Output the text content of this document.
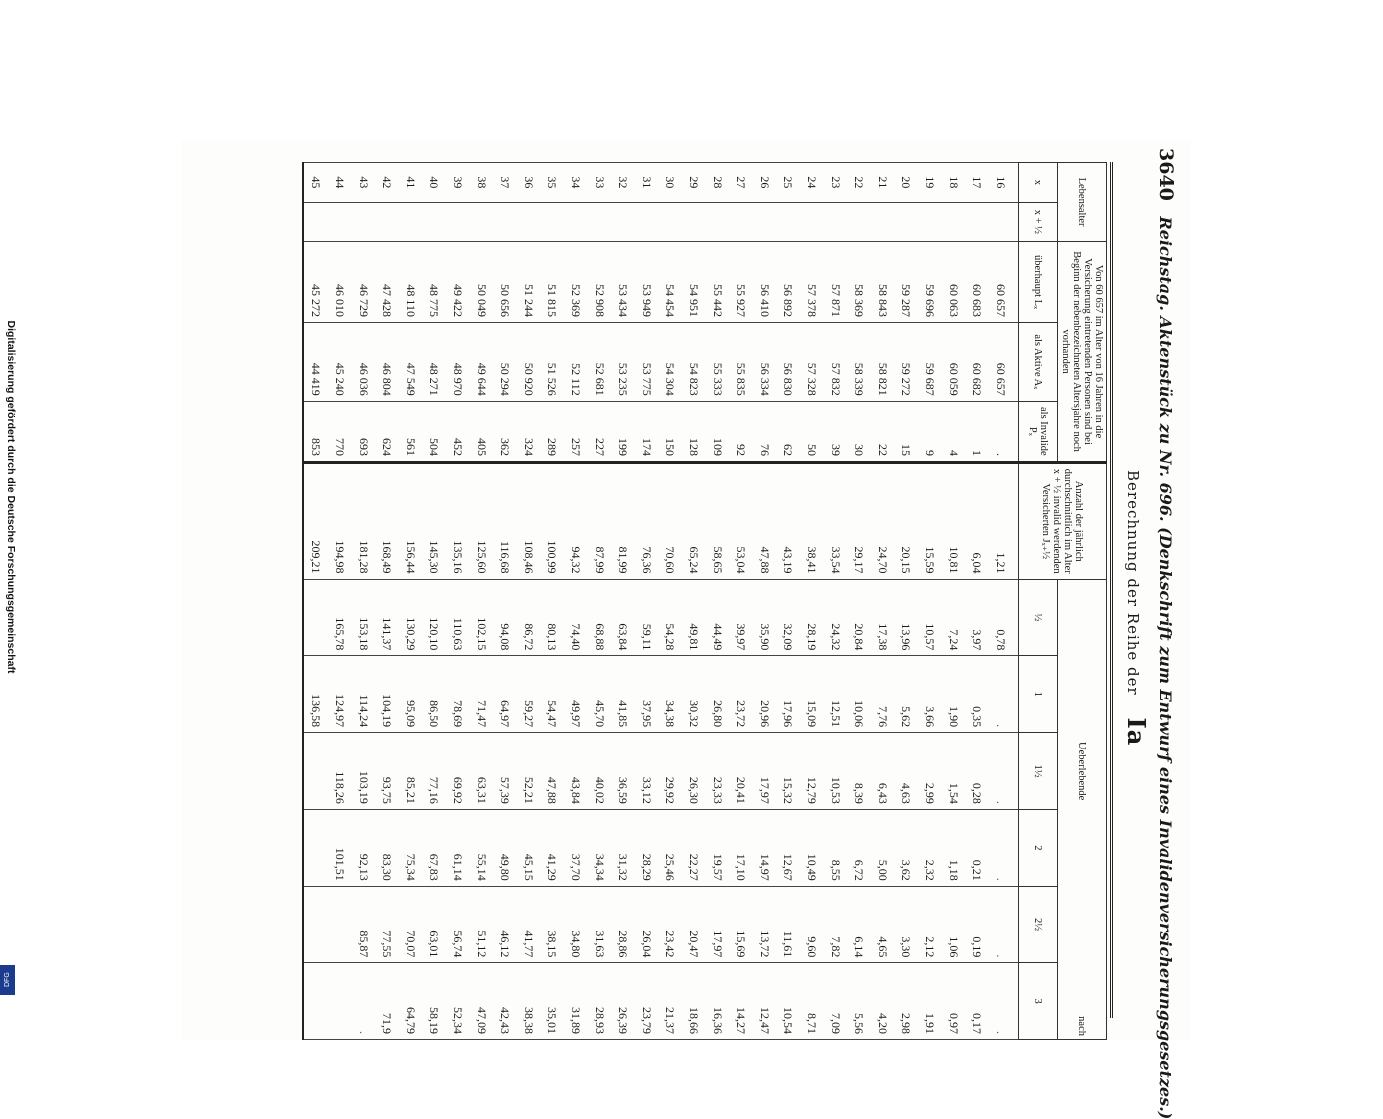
3640 Reichstag. Aktenstück zu Nr. 696. (Denkschrift zum Entwurf eines Invalidenversicherungsgesetzes.)
Berechnung der Reihe der Ia
Lebensalter		Von 60 657 im Alter von 16 Jahren in die Versicherung eintretenden Personen sind bei Beginn der nebenbezeichneten Altersjahre noch vorhanden			Anzahl der jährlich durchschnittlich im Alter x + ½ invalid werdenden Versicherten Jₓ₊½	Ueberlebende					nach
x	x + ½	überhaupt Lₓ	als Aktive Aₓ	als Invalide Pₓ		½	1	1½	2	2½	3
16		60 657	60 657	.	1,21	0,78	.	.	.	.	.
17		60 683	60 682	1	6,04	3,97	0,35	0,28	0,21	0,19	0,17
18		60 063	60 059	4	10,81	7,24	1,90	1,54	1,18	1,06	0,97
19		59 696	59 687	9	15,59	10,57	3,66	2,99	2,32	2,12	1,91
20		59 287	59 272	15	20,15	13,96	5,62	4,63	3,62	3,30	2,98
21		58 843	58 821	22	24,70	17,38	7,76	6,43	5,00	4,65	4,20
22		58 369	58 339	30	29,17	20,84	10,06	8,39	6,72	6,14	5,56
23		57 871	57 832	39	33,54	24,32	12,51	10,53	8,55	7,82	7,09
24		57 378	57 328	50	38,41	28,19	15,09	12,79	10,49	9,60	8,71
25		56 892	56 830	62	43,19	32,09	17,96	15,32	12,67	11,61	10,54
26		56 410	56 334	76	47,88	35,90	20,96	17,97	14,97	13,72	12,47
27		55 927	55 835	92	53,04	39,97	23,72	20,41	17,10	15,69	14,27
28		55 442	55 333	109	58,65	44,49	26,80	23,33	19,57	17,97	16,36
29		54 951	54 823	128	65,24	49,81	30,32	26,30	22,27	20,47	18,66
30		54 454	54 304	150	70,60	54,28	34,38	29,92	25,46	23,42	21,37
31		53 949	53 775	174	76,36	59,11	37,95	33,12	28,29	26,04	23,79
32		53 434	53 235	199	81,99	63,84	41,85	36,59	31,32	28,86	26,39
33		52 908	52 681	227	87,99	68,88	45,70	40,02	34,34	31,63	28,93
34		52 369	52 112	257	94,32	74,40	49,97	43,84	37,70	34,80	31,89
35		51 815	51 526	289	100,99	80,13	54,47	47,88	41,29	38,15	35,01
36		51 244	50 920	324	108,46	86,72	59,27	52,21	45,15	41,77	38,38
37		50 656	50 294	362	116,68	94,08	64,97	57,39	49,80	46,12	42,43
38		50 049	49 644	405	125,60	102,15	71,47	63,31	55,14	51,12	47,09
39		49 422	48 970	452	135,16	110,63	78,69	69,92	61,14	56,74	52,34
40		48 775	48 271	504	145,30	120,10	86,50	77,16	67,83	63,01	58,19
41		48 110	47 549	561	156,44	130,29	95,09	85,21	75,34	70,07	64,79
42		47 428	46 804	624	168,49	141,37	104,19	93,75	83,30	77,55	71,9
43		46 729	46 036	693	181,28	153,18	114,24	103,19	92,13	85,87	.
44		46 010	45 240	770	194,98	165,78	124,97	118,26	101,51		
45		45 272	44 419	853	209,21		136,58				
Digitalisierung gefördert durch die Deutsche Forschungsgemeinschaft
DFG
